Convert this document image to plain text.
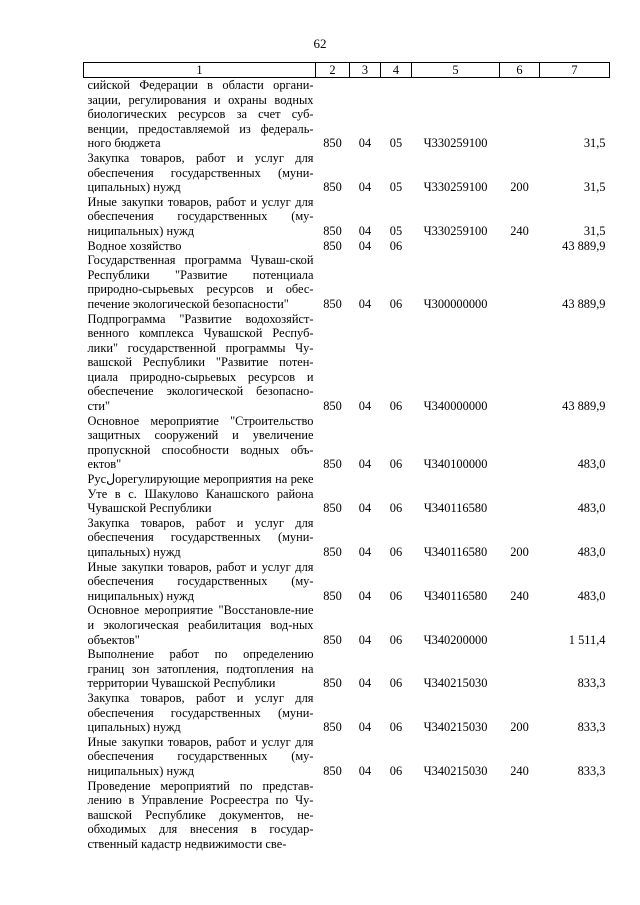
62
1	2	3	4	5	6	7
сийской Федерации в области органи-зации, регулирования и охраны водных биологических ресурсов за счет суб-венции, предоставляемой из федераль-ного бюджета	850	04	05	Ч330259100		31,5
Закупка товаров, работ и услуг для обеспечения государственных (муни-ципальных) нужд	850	04	05	Ч330259100	200	31,5
Иные закупки товаров, работ и услуг для обеспечения государственных (му-ниципальных) нужд	850	04	05	Ч330259100	240	31,5
Водное хозяйство	850	04	06			43 889,9
Государственная программа Чуваш-ской Республики "Развитие потенциала природно-сырьевых ресурсов и обес-печение экологической безопасности"	850	04	06	Ч300000000		43 889,9
Подпрограмма "Развитие водохозяйст-венного комплекса Чувашской Респуб-лики" государственной программы Чу-вашской Республики "Развитие потен-циала природно-сырьевых ресурсов и обеспечение экологической безопасно-сти"	850	04	06	Ч340000000		43 889,9
Основное мероприятие "Строительство защитных сооружений и увеличение пропускной способности водных объ-ектов"	850	04	06	Ч340100000		483,0
Русلорегулирующие мероприятия на реке Уте в с. Шакулово Канашского района Чувашской Республики	850	04	06	Ч340116580		483,0
Закупка товаров, работ и услуг для обеспечения государственных (муни-ципальных) нужд	850	04	06	Ч340116580	200	483,0
Иные закупки товаров, работ и услуг для обеспечения государственных (му-ниципальных) нужд	850	04	06	Ч340116580	240	483,0
Основное мероприятие "Восстановле-ние и экологическая реабилитация вод-ных объектов"	850	04	06	Ч340200000		1 511,4
Выполнение работ по определению границ зон затопления, подтопления на территории Чувашской Республики	850	04	06	Ч340215030		833,3
Закупка товаров, работ и услуг для обеспечения государственных (муни-ципальных) нужд	850	04	06	Ч340215030	200	833,3
Иные закупки товаров, работ и услуг для обеспечения государственных (му-ниципальных) нужд	850	04	06	Ч340215030	240	833,3
Проведение мероприятий по представ-лению в Управление Росреестра по Чу-вашской Республике документов, не-обходимых для внесения в государ-ственный кадастр недвижимости све-						
